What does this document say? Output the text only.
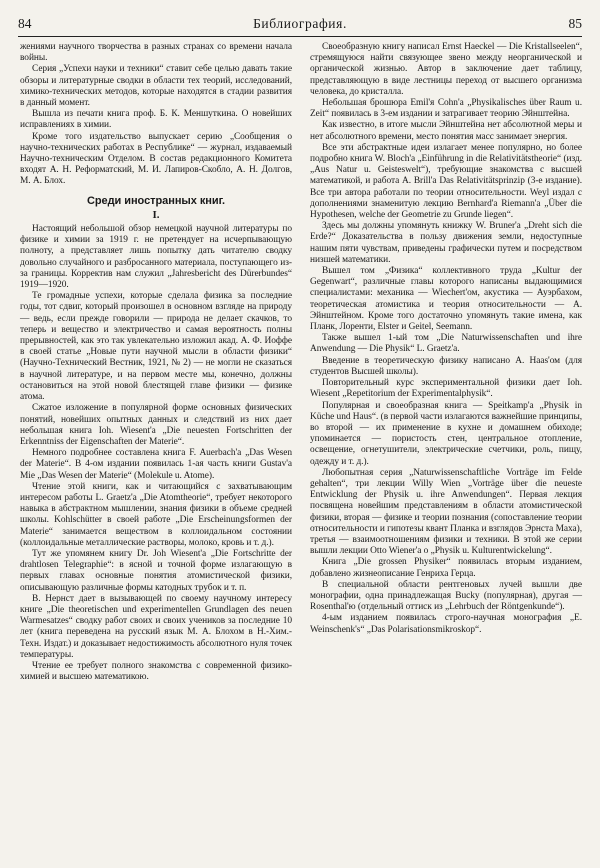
84	Библиография.	85

жениями научного творчества в разных странах со времени начала войны.

Серия „Успехи науки и техники“ ставит себе целью давать такие обзоры и литературные сводки в области тех теорий, исследований, химико-технических методов, которые находятся в стадии развития в данный момент.

Вышла из печати книга проф. Б. К. Меншуткина. О новейших исправлениях в химии.

Кроме того издательство выпускает серию „Сообщения о научно-технических работах в Республике“ — журнал, издаваемый Научно-техническим Отделом. В состав редакционного Комитета входят А. Н. Реформатский, М. И. Лапиров-Скобло, А. Н. Долгов, М. А. Блох.

Среди иностранных книг.
I.

Настоящий небольшой обзор немецкой научной литературы по физике и химии за 1919 г. не претендует на исчерпывающую полноту, а представляет лишь попытку дать читателю сводку довольно случайного и разбросанного материала, поступающего из-за границы. Корректив нам служил „Jahresbericht des Dürerbundes“ 1919—1920.

Те громадные успехи, которые сделала физика за последние годы, тот сдвиг, который произошел в основном взгляде на природу — ведь, если прежде говорили — природа не делает скачков, то теперь и вещество и электричество и самая вероятность полны прерывностей, как это так увлекательно изложил акад. А. Ф. Иоффе в своей статье „Новые пути научной мысли в области физики“ (Научно-Технический Вестник, 1921, № 2) — не могли не сказаться в научной литературе, и на первом месте мы, конечно, должны остановиться на этой новой блестящей главе физики — физике атома.

Сжатое изложение в популярной форме основных физических понятий, новейших опытных данных и следствий из них дает небольшая книга Ioh. Wiesent'a „Die neuesten Fortschritten der Erkenntniss der Eigenschaften der Materie“.

Немного подробнее составлена книга F. Auerbach'a „Das Wesen der Materie“. В 4-ом издании появилась 1-ая часть книги Gustav'a Mie „Das Wesen der Materie“ (Molekule u. Atome).

Чтение этой книги, как и читающийся с захватывающим интересом работы L. Graetz'a „Die Atomtheorie“, требует некоторого навыка в абстрактном мышлении, знания физики в объеме средней школы. Kohlschütter в своей работе „Die Erscheinungsformen der Materie“ занимается веществом в коллоидальном состоянии (коллоидальные металлические растворы, молоко, кровь и т. д.).

Тут же упомянем книгу Dr. Joh Wiesent'a „Die Fortschritte der drahtlosen Telegraphie“: в ясной и точной форме излагающую в первых главах основные понятия атомистической физики, описывающую различные формы катодных трубок и т. п.

В. Нернст дает в вызывающей по своему научному интересу книге „Die theoretischen und experimentellen Grundlagen des neuen Warmesatzes“ сводку работ своих и своих учеников за последние 10 лет (книга переведена на русский язык М. А. Блохом в Н.-Хим.-Техн. Издат.) и доказывает недостижимость абсолютного нуля точек температуры.

Чтение ее требует полного знакомства с современной физико-химией и высшею математикою.

Своеобразную книгу написал Ernst Haeckel — Die Kristallseelen“, стремящуюся найти связующее звено между неорганической и органической жизнью. Автор в заключение дает таблицу, представляющую в виде лестницы переход от высшего организма человека, до кристалла.

Небольшая брошюра Emil'я Cohn'а „Physikalisches über Raum u. Zeit“ появилась в 3-ем издании и затрагивает теорию Эйнштейна.

Как известно, в итоге мысли Эйнштейна нет абсолютной меры и нет абсолютного времени, место понятия масс занимает энергия.

Все эти абстрактные идеи излагает менее популярно, но более подробно книга W. Bloch'a „Einführung in die Relativitätstheorie“ (изд. „Aus Natur u. Geisteswelt“), требующие знакомства с высшей математикой, и работа A. Brill'a Das Relativitätsprinzip (3-е издание). Все три автора работали по теории относительности. Weyl издал с дополнениями знаменитую лекцию Bernhard'a Riemann'a „Über die Hypothesen, welche der Geometrie zu Grunde liegen“.

Здесь мы должны упомянуть книжку W. Bruner'a „Dreht sich die Erde?“ Доказательства в пользу движения земли, недоступные нашим пяти чувствам, приведены графически путем и посредством низшей математики.

Вышел том „Физика“ коллективного труда „Kultur der Gegenwart“, различные главы которого написаны выдающимися специалистами: механика — Wiechert'ом, акустика — Ауэрбахом, теоретическая атомистика и теория относительности — А. Эйнштейном. Кроме того достаточно упомянуть такие имена, как Планк, Лоренти, Elster и Geitel, Seemann.

Также вышел 1-ый том „Die Naturwissenschaften und ihre Anwendung — Die Physik“ L. Graetz'a.

Введение в теоретическую физику написано A. Haas'ом (для студентов Высшей школы).

Повторительный курс экспериментальной физики дает Ioh. Wiesent „Repetitorium der Experimentalphysik“.

Популярная и своеобразная книга — Speitkamp'a „Physik in Küche und Haus“. (в первой части излагаются важнейшие принципы, во второй — их применение в кухне и домашнем обиходе; упоминается — пористость стен, центральное отопление, освещение, огнетушители, электрические счетчики, роль, пищу, одежду и т. д.).

Любопытная серия „Naturwissenschaftliche Vorträge im Felde gehalten“, три лекции Willy Wien „Vorträge über die neueste Entwicklung der Physik u. ihre Anwendungen“. Первая лекция посвящена новейшим представлениям в области атомистической физики, вторая — физике и теории познания (сопоставление теории относительности и гипотезы квант Планка и взглядов Эрнста Маха), третья — взаимоотношениям физики и техники. В этой же серии вышли лекции Otto Wiener'a о „Physik u. Kulturentwickelung“.

Книга „Die grossen Physiker“ появилась вторым изданием, добавлено жизнеописание Генриха Герца.

В специальной области рентгеновых лучей вышли две монографии, одна принадлежащая Bucky (популярная), другая — Rosenthal'ю (отдельный оттиск из „Lehrbuch der Röntgenkunde“).

4-ым изданием появилась строго-научная монография „E. Weinschenk's“ „Das Polarisationsmikroskop“.
